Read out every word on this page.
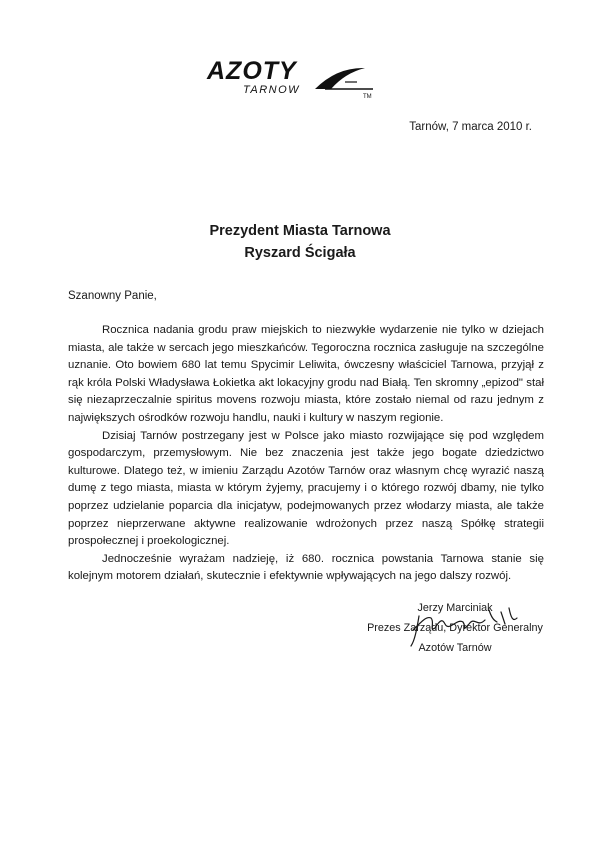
AZOTY
TARNOW
TM
Tarnów, 7 marca 2010 r.
Prezydent Miasta Tarnowa
Ryszard Ścigała
Szanowny Panie,

Rocznica nadania grodu praw miejskich to niezwykłe wydarzenie nie tylko w dziejach miasta, ale także w sercach jego mieszkańców. Tegoroczna rocznica zasługuje na szczególne uznanie. Oto bowiem 680 lat temu Spycimir Leliwita, ówczesny właściciel Tarnowa, przyjął z rąk króla Polski Władysława Łokietka akt lokacyjny grodu nad Białą. Ten skromny „epizod" stał się niezaprzeczalnie spiritus movens rozwoju miasta, które zostało niemal od razu jednym z największych ośrodków rozwoju handlu, nauki i kultury w naszym regionie.

Dzisiaj Tarnów postrzegany jest w Polsce jako miasto rozwijające się pod względem gospodarczym, przemysłowym. Nie bez znaczenia jest także jego bogate dziedzictwo kulturowe. Dlatego też, w imieniu Zarządu Azotów Tarnów oraz własnym chcę wyrazić naszą dumę z tego miasta, miasta w którym żyjemy, pracujemy i o którego rozwój dbamy, nie tylko poprzez udzielanie poparcia dla inicjatyw, podejmowanych przez włodarzy miasta, ale także poprzez nieprzerwane aktywne realizowanie wdrożonych przez naszą Spółkę strategii prospołecznej i proekologicznej.

Jednocześnie wyrażam nadzieję, iż 680. rocznica powstania Tarnowa stanie się kolejnym motorem działań, skutecznie i efektywnie wpływających na jego dalszy rozwój.

Jerzy Marciniak
Prezes Zarządu, Dyrektor Generalny
Azotów Tarnów
